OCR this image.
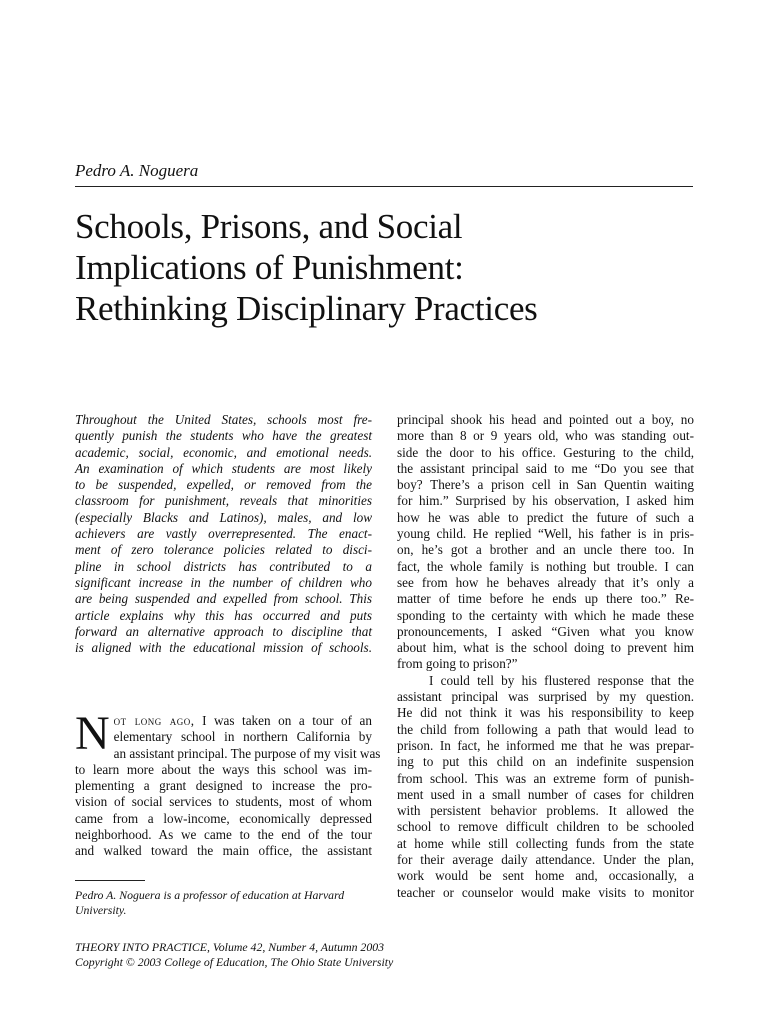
Pedro A. Noguera
Schools, Prisons, and Social
Implications of Punishment:
Rethinking Disciplinary Practices
Throughout the United States, schools most fre-
quently punish the students who have the greatest
academic, social, economic, and emotional needs.
An examination of which students are most likely
to be suspended, expelled, or removed from the
classroom for punishment, reveals that minorities
(especially Blacks and Latinos), males, and low
achievers are vastly overrepresented. The enact-
ment of zero tolerance policies related to disci-
pline in school districts has contributed to a
significant increase in the number of children who
are being suspended and expelled from school. This
article explains why this has occurred and puts
forward an alternative approach to discipline that
is aligned with the educational mission of schools.
N ot long ago, I was taken on a tour of an
elementary school in northern California by
an assistant principal. The purpose of my visit was
to learn more about the ways this school was im-
plementing a grant designed to increase the pro-
vision of social services to students, most of whom
came from a low-income, economically depressed
neighborhood. As we came to the end of the tour
and walked toward the main office, the assistant
principal shook his head and pointed out a boy, no
more than 8 or 9 years old, who was standing out-
side the door to his office. Gesturing to the child,
the assistant principal said to me “Do you see that
boy? There’s a prison cell in San Quentin waiting
for him.” Surprised by his observation, I asked him
how he was able to predict the future of such a
young child. He replied “Well, his father is in pris-
on, he’s got a brother and an uncle there too. In
fact, the whole family is nothing but trouble. I can
see from how he behaves already that it’s only a
matter of time before he ends up there too.” Re-
sponding to the certainty with which he made these
pronouncements, I asked “Given what you know
about him, what is the school doing to prevent him
from going to prison?”
I could tell by his flustered response that the
assistant principal was surprised by my question.
He did not think it was his responsibility to keep
the child from following a path that would lead to
prison. In fact, he informed me that he was prepar-
ing to put this child on an indefinite suspension
from school. This was an extreme form of punish-
ment used in a small number of cases for children
with persistent behavior problems. It allowed the
school to remove difficult children to be schooled
at home while still collecting funds from the state
for their average daily attendance. Under the plan,
work would be sent home and, occasionally, a
teacher or counselor would make visits to monitor
Pedro A. Noguera is a professor of education at Harvard
University.
THEORY INTO PRACTICE, Volume 42, Number 4, Autumn 2003
Copyright © 2003 College of Education, The Ohio State University
